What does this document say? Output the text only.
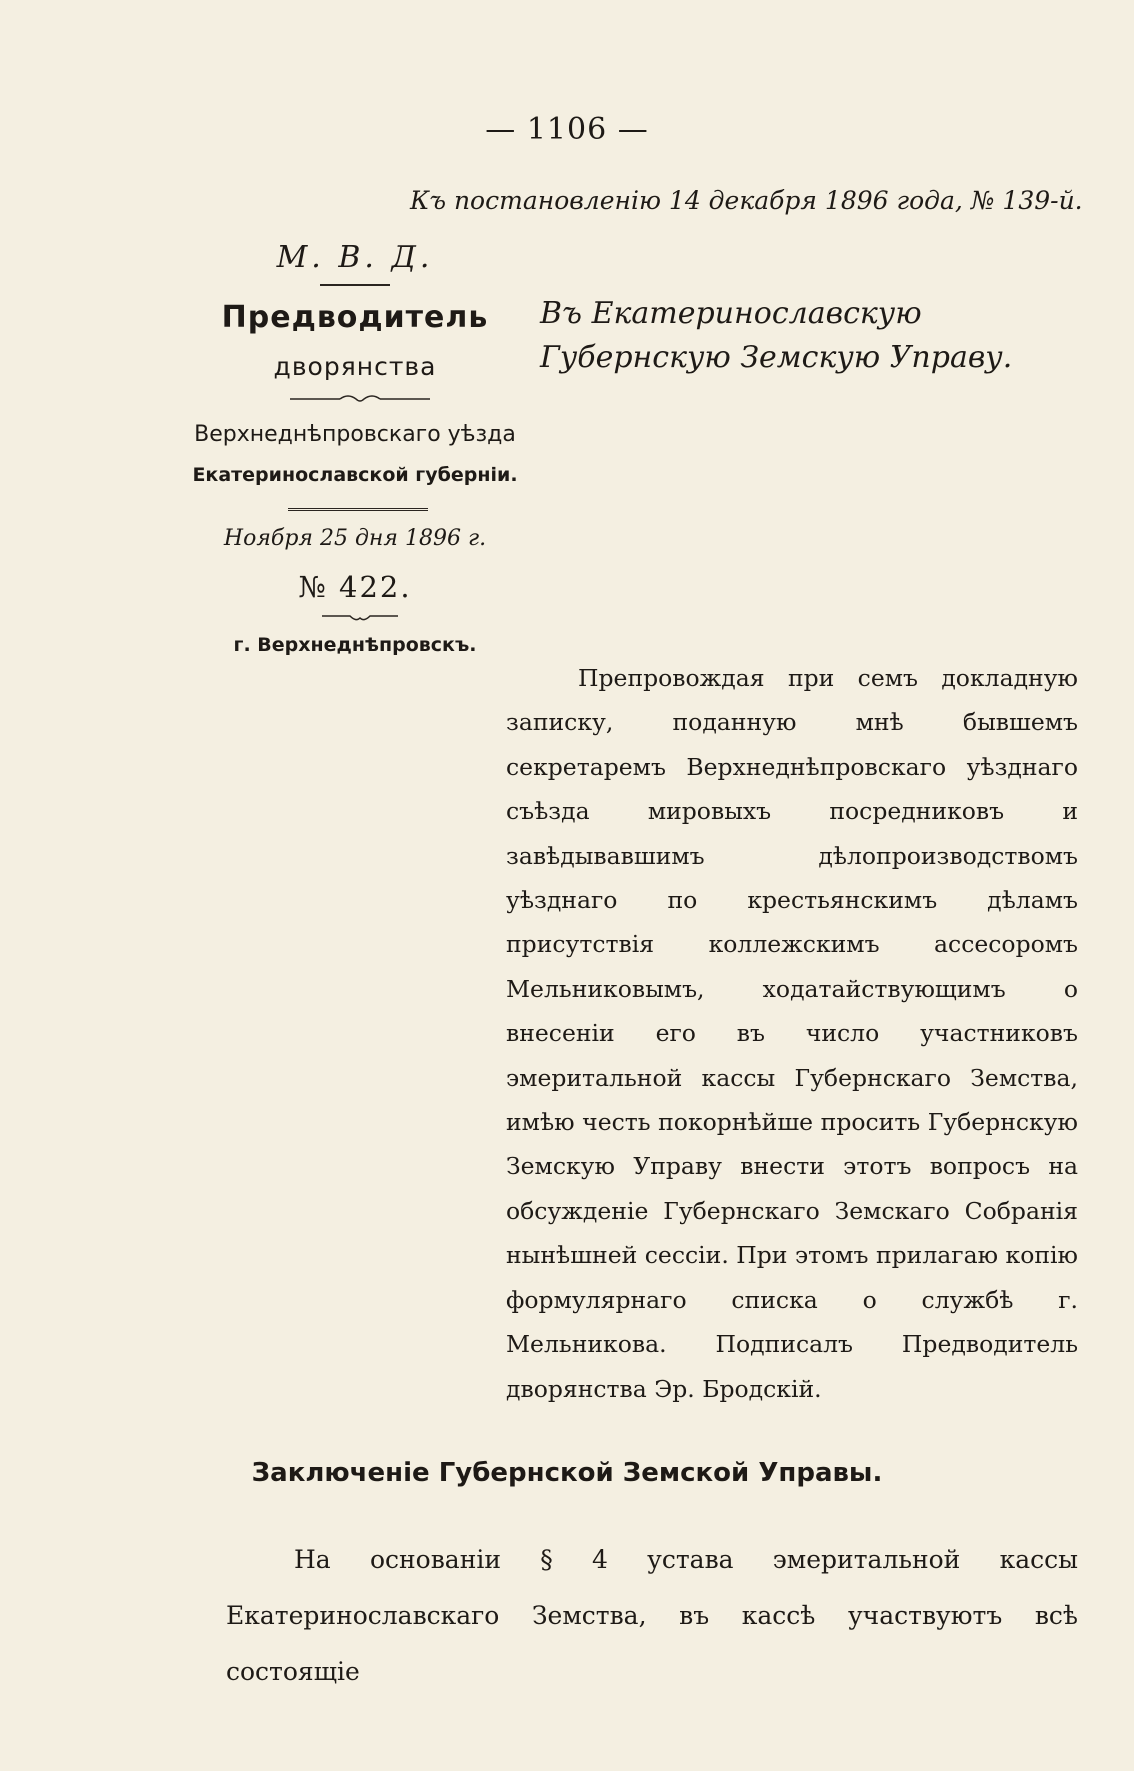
— 1106 —
Къ постановленію 14 декабря 1896 года, № 139-й.
М. В. Д.
Предводитель
дворянства
Верхнеднѣпровскаго уѣзда
Екатеринославской губерніи.
Ноября 25 дня 1896 г.
№ 422.
г. Верхнеднѣпровскъ.
Въ Екатеринославскую Губернскую Земскую Управу.

Препровождая при семъ докладную записку, поданную мнѣ бывшемъ секретаремъ Верхнеднѣпровскаго уѣзднаго съѣзда мировыхъ посредниковъ и завѣдывавшимъ дѣлопроизводствомъ уѣзднаго по крестьянскимъ дѣламъ присутствія коллежскимъ ассесоромъ Мельниковымъ, ходатайствующимъ о внесеніи его въ число участниковъ эмеритальной кассы Губернскаго Земства, имѣю честь покорнѣйше просить Губернскую Земскую Управу внести этотъ вопросъ на обсужденіе Губернскаго Земскаго Собранія нынѣшней сессіи. При этомъ прилагаю копію формулярнаго списка о службѣ г. Мельникова. Подписалъ Предводитель дворянства Эр. Бродскій.

Заключеніе Губернской Земской Управы.

На основаніи § 4 устава эмеритальной кассы Екатеринославскаго Земства, въ кассѣ участвуютъ всѣ состоящіе
